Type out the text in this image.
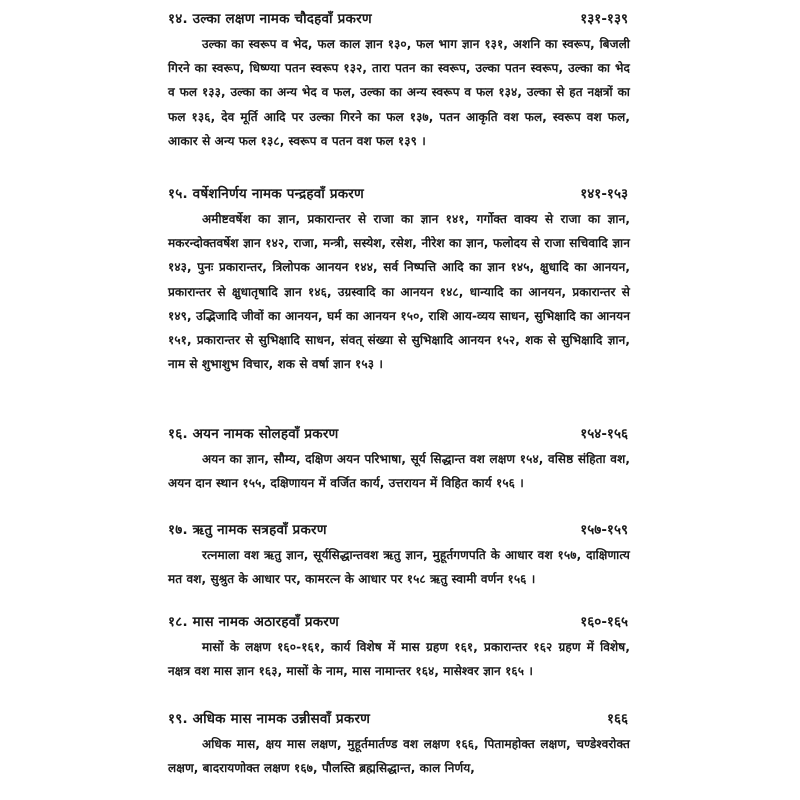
१४. उल्का लक्षण नामक चौदहवाँ प्रकरण	१३१-१३९
उल्का का स्वरूप व भेद, फल काल ज्ञान १३०, फल भाग ज्ञान १३१, अशनि का स्वरूप, बिजली गिरने का स्वरूप, धिष्ण्या पतन स्वरूप १३२, तारा पतन का स्वरूप, उल्का पतन स्वरूप, उल्का का भेद व फल १३३, उल्का का अन्य भेद व फल, उल्का का अन्य स्वरूप व फल १३४, उल्का से हत नक्षत्रों का फल १३६, देव मूर्ति आदि पर उल्का गिरने का फल १३७, पतन आकृति वश फल, स्वरूप वश फल, आकार से अन्य फल १३८, स्वरूप व पतन वश फल १३९ ।
१५. वर्षेशनिर्णय नामक पन्द्रहवाँ प्रकरण	१४१-१५३
अमीष्टवर्षेश का ज्ञान, प्रकारान्तर से राजा का ज्ञान १४१, गर्गोक्त वाक्य से राजा का ज्ञान, मकरन्दोक्तवर्षेश ज्ञान १४२, राजा, मन्त्री, सस्येश, रसेश, नीरेश का ज्ञान, फलोदय से राजा सचिवादि ज्ञान १४३, पुनः प्रकारान्तर, त्रिलोपक आनयन १४४, सर्व निष्पत्ति आदि का ज्ञान १४५, क्षुधादि का आनयन, प्रकारान्तर से क्षुधातृषादि ज्ञान १४६, उग्रस्वादि का आनयन १४८, धान्यादि का आनयन, प्रकारान्तर से १४९, उद्भिजादि जीवों का आनयन, घर्म का आनयन १५०, राशि आय-व्यय साधन, सुभिक्षादि का आनयन १५१, प्रकारान्तर से सुभिक्षादि साधन, संवत् संख्या से सुभिक्षादि आनयन १५२, शक से सुभिक्षादि ज्ञान, नाम से शुभाशुभ विचार, शक से वर्षा ज्ञान १५३ ।
१६. अयन नामक सोलहवाँ प्रकरण	१५४-१५६
अयन का ज्ञान, सौम्य, दक्षिण अयन परिभाषा, सूर्य सिद्धान्त वश लक्षण १५४, वसिष्ठ संहिता वश, अयन दान स्थान १५५, दक्षिणायन में वर्जित कार्य, उत्तरायन में विहित कार्य १५६ ।
१७. ऋतु नामक सत्रहवाँ प्रकरण	१५७-१५९
रत्नमाला वश ऋतु ज्ञान, सूर्यसिद्धान्तवश ऋतु ज्ञान, मुहूर्तगणपति के आधार वश १५७, दाक्षिणात्य मत वश, सुश्रुत के आधार पर, कामरत्न के आधार पर १५८ ऋतु स्वामी वर्णन १५६ ।
१८. मास नामक अठारहवाँ प्रकरण	१६०-१६५
मासों के लक्षण १६०-१६१, कार्य विशेष में मास ग्रहण १६१, प्रकारान्तर १६२ ग्रहण में विशेष, नक्षत्र वश मास ज्ञान १६३, मासों के नाम, मास नामान्तर १६४, मासेश्वर ज्ञान १६५ ।
१९. अधिक मास नामक उन्नीसवाँ प्रकरण	१६६
अधिक मास, क्षय मास लक्षण, मुहूर्तमार्तण्ड वश लक्षण १६६, पितामहोक्त लक्षण, चण्डेश्वरोक्त लक्षण, बादरायणोक्त लक्षण १६७, पौलस्ति ब्रह्मसिद्धान्त, काल निर्णय,
